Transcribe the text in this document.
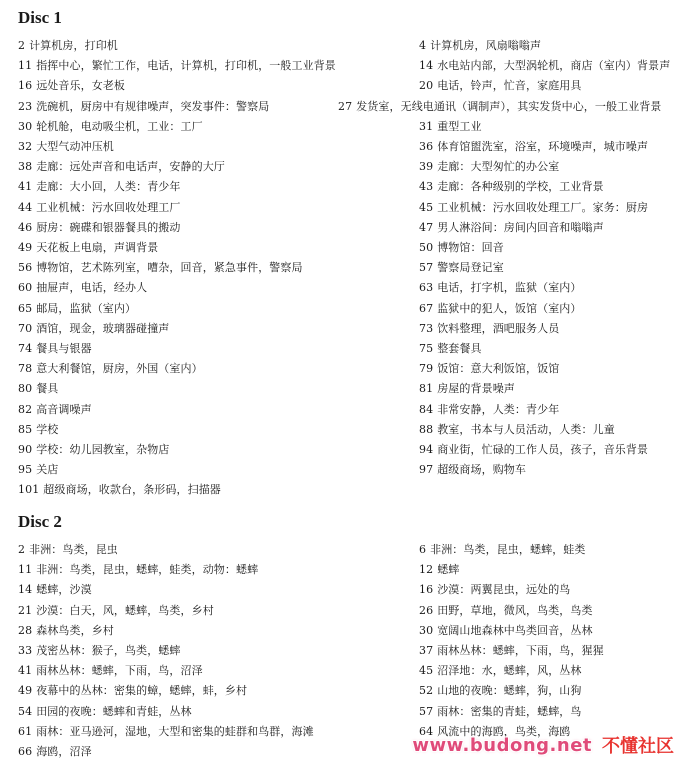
Disc 1
2 计算机房，打印机	4 计算机房，风扇嗡嗡声
11 指挥中心，繁忙工作，电话，计算机，打印机，一般工业背景	14 水电站内部，大型涡轮机，商店（室内）背景声
16 远处音乐，女老板	20 电话，铃声，忙音，家庭用具
23 洗碗机，厨房中有规律噪声，突发事件：警察局	27 发货室，无线电通讯（调制声），其实发货中心，一般工业背景
30 轮机舱，电动吸尘机，工业：工厂	31 重型工业
32 大型气动冲压机	36 体育馆盥洗室，浴室，环境噪声，城市噪声
38 走廊：远处声音和电话声，安静的大厅	39 走廊：大型匆忙的办公室
41 走廊：大小回，人类：青少年	43 走廊：各种级别的学校，工业背景
44 工业机械：污水回收处理工厂	45 工业机械：污水回收处理工厂。家务：厨房
46 厨房：碗碟和银器餐具的搬动	47 男人淋浴间：房间内回音和嗡嗡声
49 天花板上电扇，声调背景	50 博物馆：回音
56 博物馆，艺术陈列室，嘈杂，回音，紧急事件，警察局	57 警察局登记室
60 抽屉声，电话，经办人	63 电话，打字机，监狱（室内）
65 邮局，监狱（室内）	67 监狱中的犯人，饭馆（室内）
70 酒馆，现金，玻璃器碰撞声	73 饮料整理，酒吧服务人员
74 餐具与银器	75 整套餐具
78 意大利餐馆，厨房，外国（室内）	79 饭馆：意大利饭馆，饭馆
80 餐具	81 房屋的背景噪声
82 高音调噪声	84 非常安静，人类：青少年
85 学校	88 教室，书本与人员活动，人类：儿童
90 学校：幼儿园教室，杂物店	94 商业街，忙碌的工作人员，孩子，音乐背景
95 关店	97 超级商场，购物车
101 超级商场，收款台，条形码，扫描器
Disc 2
2 非洲：鸟类，昆虫	6 非洲：鸟类，昆虫，蟋蟀，蛙类
11 非洲：鸟类，昆虫，蟋蟀，蛙类，动物：蟋蟀	12 蟋蟀
14 蟋蟀，沙漠	16 沙漠：两翼昆虫，远处的鸟
21 沙漠：白天，风，蟋蟀，鸟类，乡村	26 田野，草地，微风，鸟类，鸟类
28 森林鸟类，乡村	30 宽阔山地森林中鸟类回音，丛林
33 茂密丛林：猴子，鸟类，蟋蟀	37 雨林丛林：蟋蟀，下雨，鸟，猩猩
41 雨林丛林：蟋蟀，下雨，鸟，沼泽	45 沼泽地：水，蟋蟀，风，丛林
49 夜幕中的丛林：密集的蟑，蟋蟀，蚌，乡村	52 山地的夜晚：蟋蟀，狗，山狗
54 田园的夜晚：蟋蟀和青蛙，丛林	57 雨林：密集的青蛙，蟋蟀，鸟
61 雨林：亚马逊河，湿地，大型和密集的蛙群和鸟群，海滩	64 风流中的海鸥，鸟类，海鸥
66 海鸥，沼泽	www.budong.net 不懂社区
